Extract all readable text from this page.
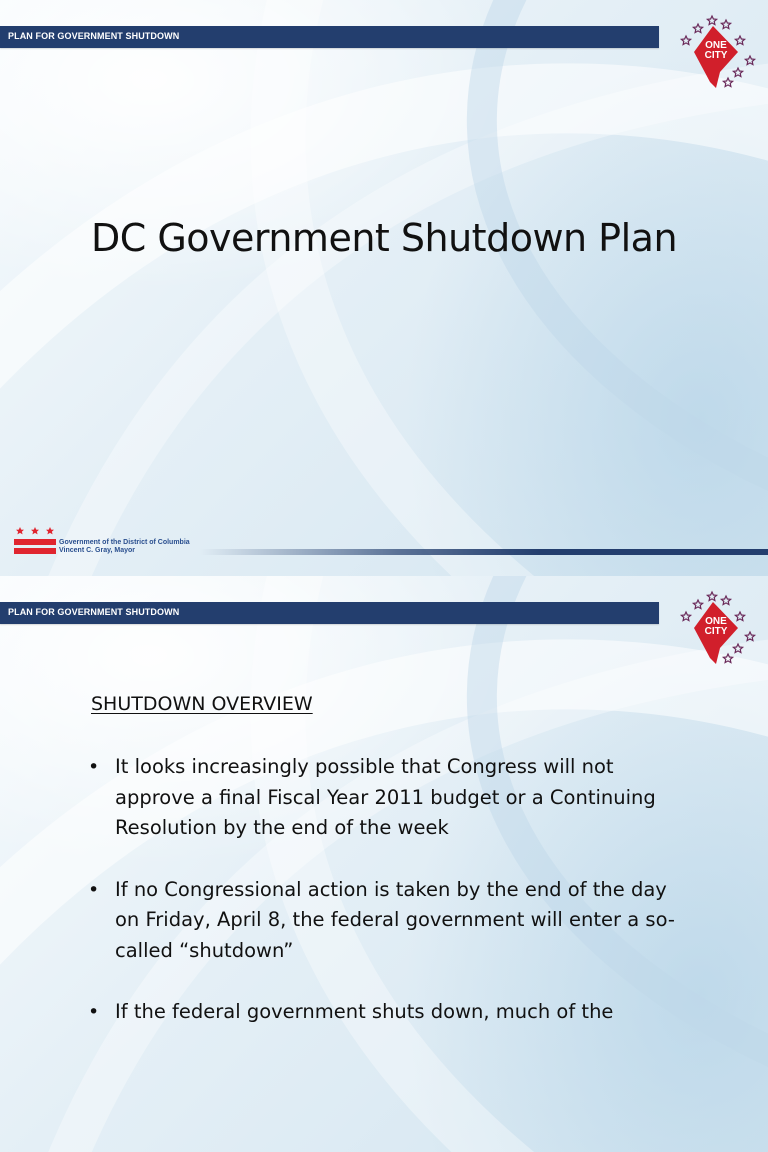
PLAN FOR GOVERNMENT SHUTDOWN
ONE
CITY
DC Government Shutdown Plan
Government of the District of Columbia
Vincent C. Gray, Mayor
PLAN FOR GOVERNMENT SHUTDOWN
ONE
CITY
SHUTDOWN OVERVIEW
• It looks increasingly possible that Congress will not approve a final Fiscal Year 2011 budget or a Continuing Resolution by the end of the week
• If no Congressional action is taken by the end of the day on Friday, April 8, the federal government will enter a so-called “shutdown”
• If the federal government shuts down, much of the
